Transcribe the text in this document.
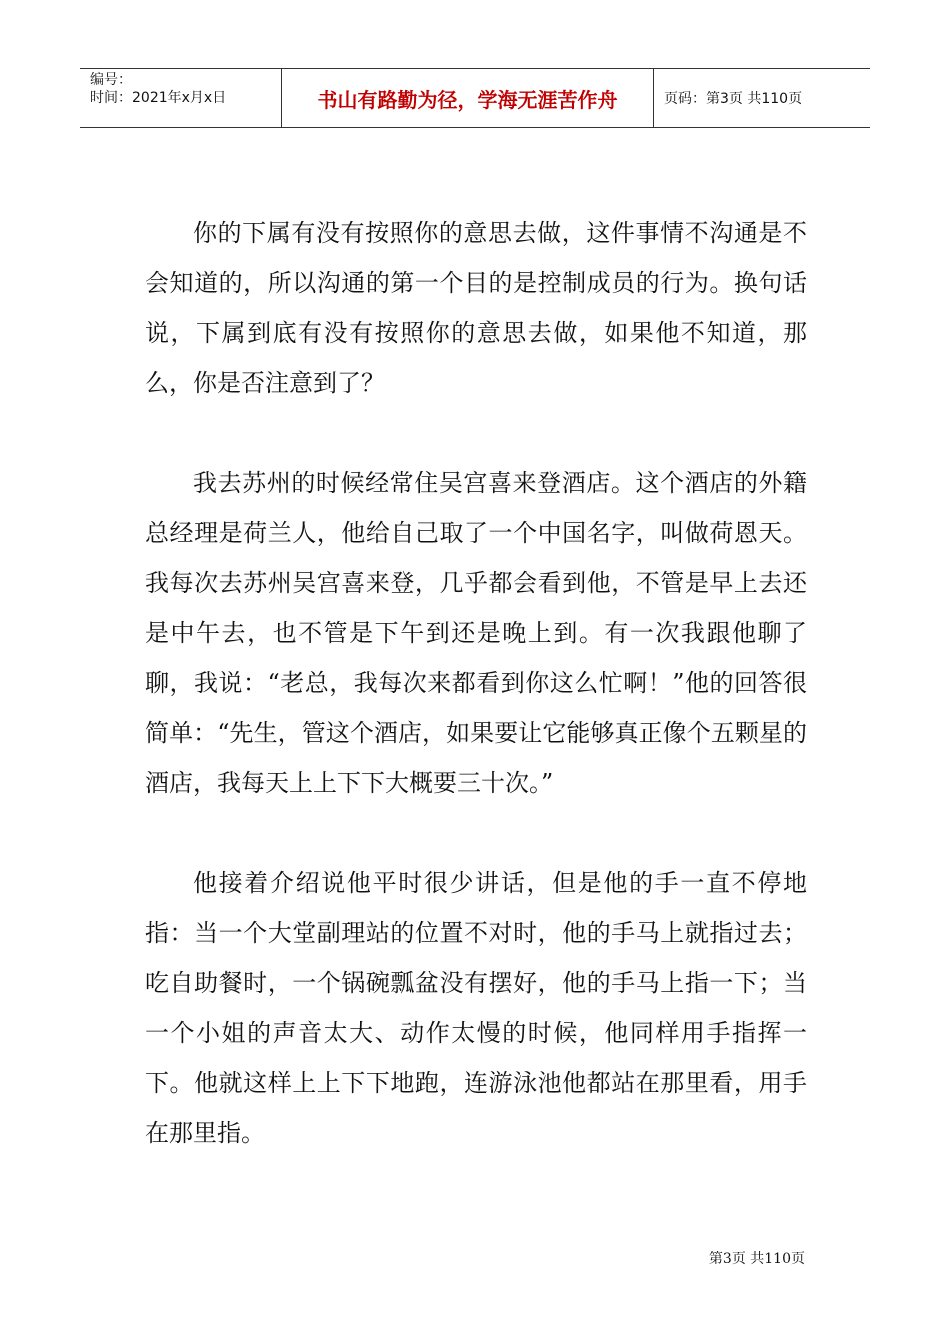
编号：
时间：2021年x月x日	书山有路勤为径，学海无涯苦作舟	页码：第3页 共110页

你的下属有没有按照你的意思去做，这件事情不沟通是不会知道的，所以沟通的第一个目的是控制成员的行为。换句话说，下属到底有没有按照你的意思去做，如果他不知道，那么，你是否注意到了？

我去苏州的时候经常住吴宫喜来登酒店。这个酒店的外籍总经理是荷兰人，他给自己取了一个中国名字，叫做荷恩天。我每次去苏州吴宫喜来登，几乎都会看到他，不管是早上去还是中午去，也不管是下午到还是晚上到。有一次我跟他聊了聊，我说：“老总，我每次来都看到你这么忙啊！”他的回答很简单：“先生，管这个酒店，如果要让它能够真正像个五颗星的酒店，我每天上上下下大概要三十次。”

他接着介绍说他平时很少讲话，但是他的手一直不停地指：当一个大堂副理站的位置不对时，他的手马上就指过去；吃自助餐时，一个锅碗瓢盆没有摆好，他的手马上指一下；当一个小姐的声音太大、动作太慢的时候，他同样用手指挥一下。他就这样上上下下地跑，连游泳池他都站在那里看，用手在那里指。

第3页 共110页
